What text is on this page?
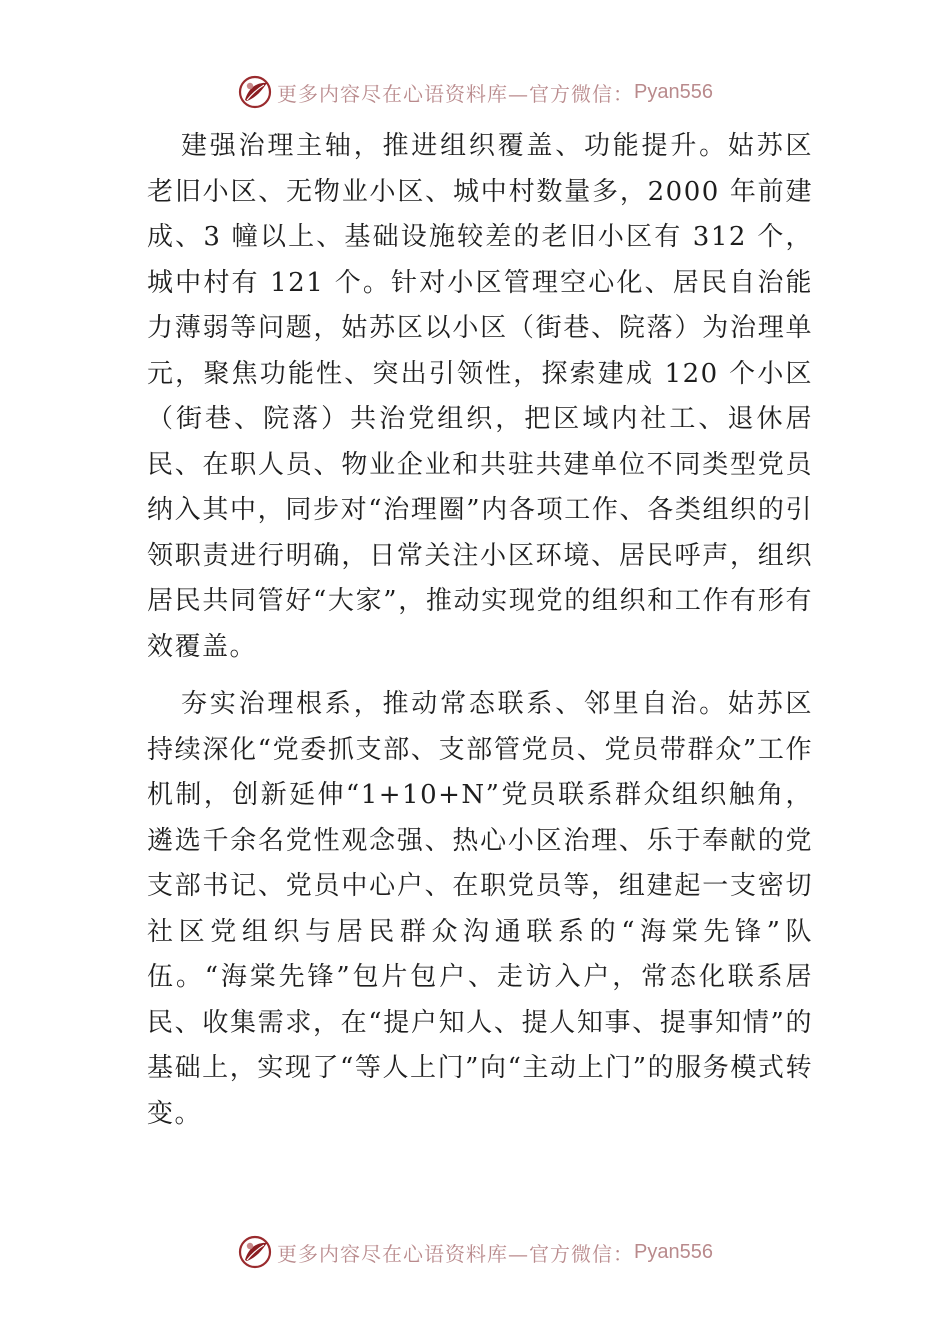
更多内容尽在心语资料库—官方微信： Pyan556

建强治理主轴，推进组织覆盖、功能提升。姑苏区老旧小区、无物业小区、城中村数量多，2000 年前建成、3 幢以上、基础设施较差的老旧小区有 312 个，城中村有 121 个。针对小区管理空心化、居民自治能力薄弱等问题，姑苏区以小区（街巷、院落）为治理单元，聚焦功能性、突出引领性，探索建成 120 个小区（街巷、院落）共治党组织，把区域内社工、退休居民、在职人员、物业企业和共驻共建单位不同类型党员纳入其中，同步对“治理圈”内各项工作、各类组织的引领职责进行明确，日常关注小区环境、居民呼声，组织居民共同管好“大家”，推动实现党的组织和工作有形有效覆盖。

夯实治理根系，推动常态联系、邻里自治。姑苏区持续深化“党委抓支部、支部管党员、党员带群众”工作机制，创新延伸“1+10+N”党员联系群众组织触角，遴选千余名党性观念强、热心小区治理、乐于奉献的党支部书记、党员中心户、在职党员等，组建起一支密切社区党组织与居民群众沟通联系的“海棠先锋”队伍。“海棠先锋”包片包户、走访入户，常态化联系居民、收集需求，在“提户知人、提人知事、提事知情”的基础上，实现了“等人上门”向“主动上门”的服务模式转变。

更多内容尽在心语资料库—官方微信： Pyan556
